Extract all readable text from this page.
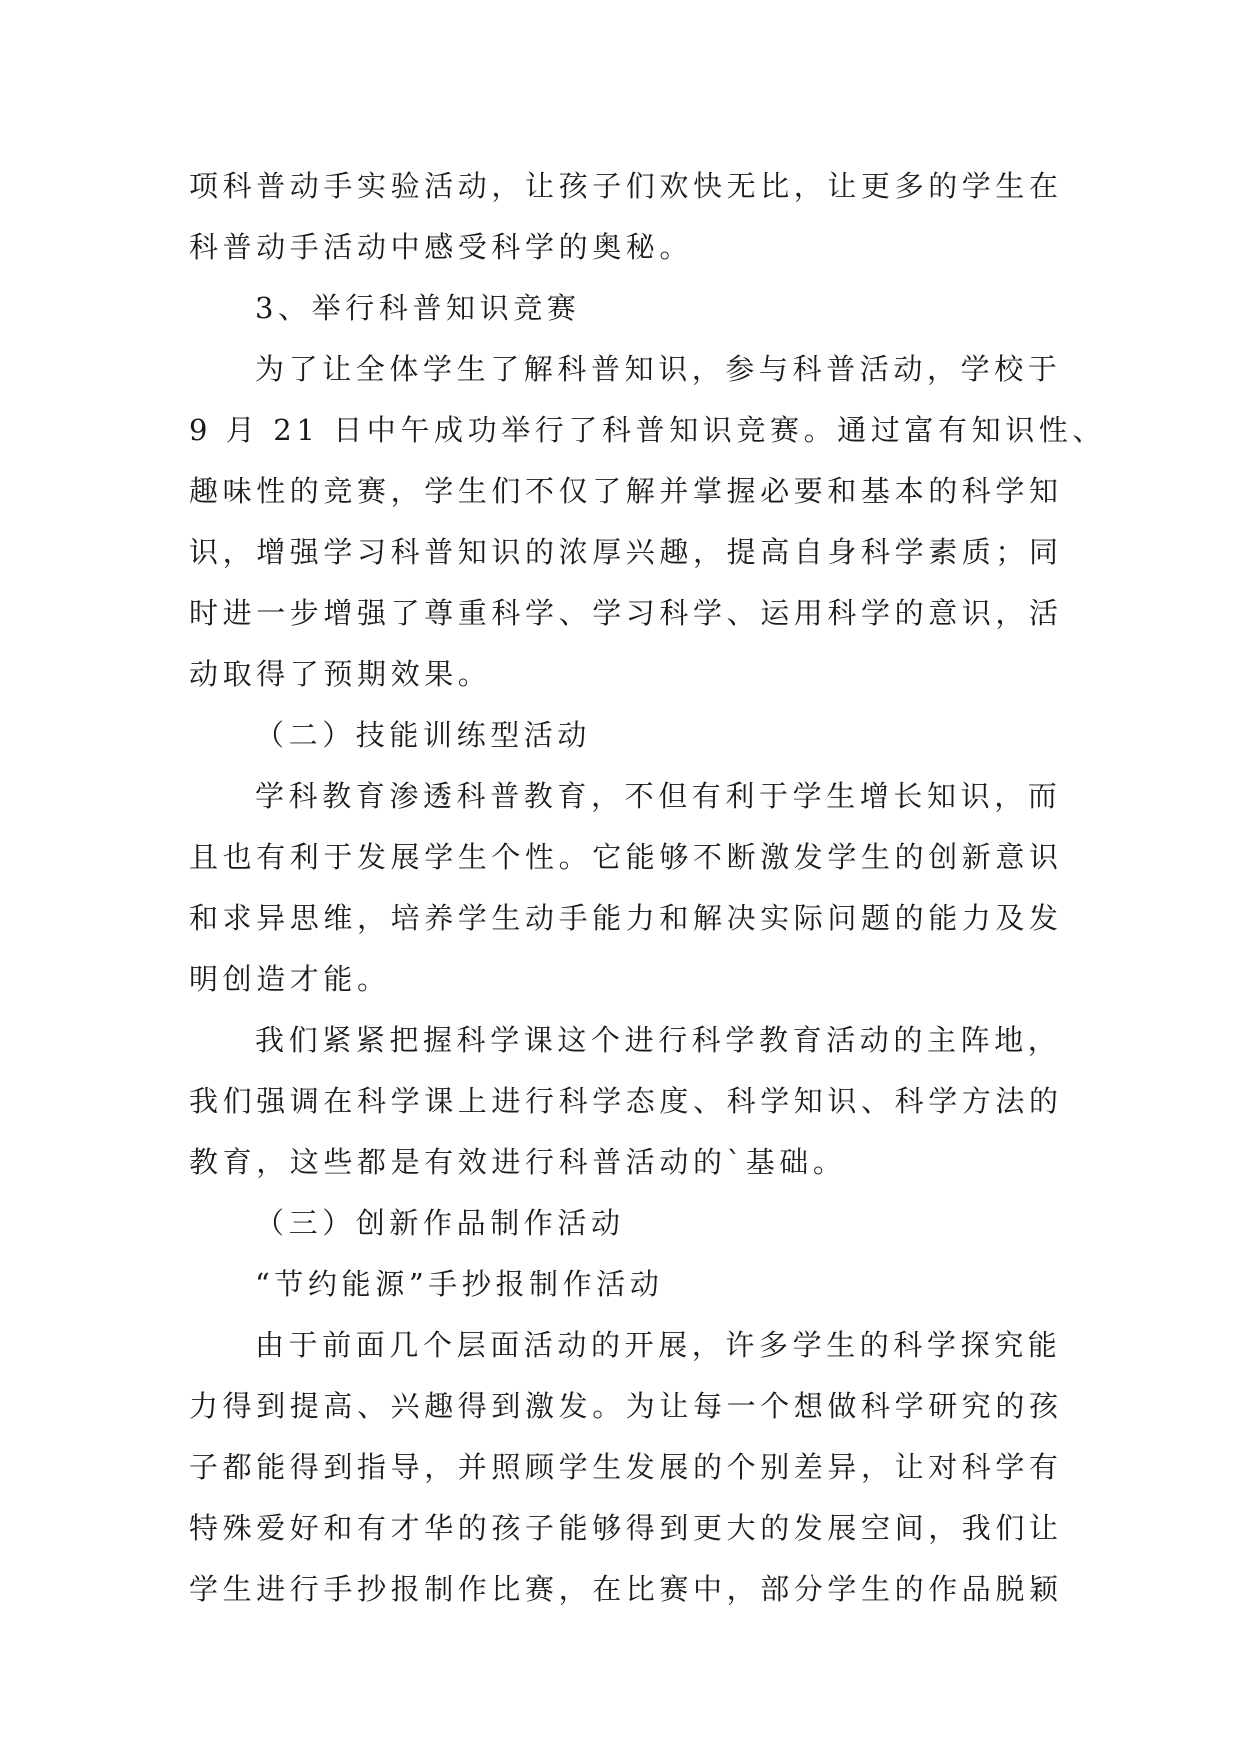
项科普动手实验活动，让孩子们欢快无比，让更多的学生在
科普动手活动中感受科学的奥秘。
3、举行科普知识竞赛
为了让全体学生了解科普知识，参与科普活动，学校于
9 月 21 日中午成功举行了科普知识竞赛。通过富有知识性、
趣味性的竞赛，学生们不仅了解并掌握必要和基本的科学知
识，增强学习科普知识的浓厚兴趣，提高自身科学素质；同
时进一步增强了尊重科学、学习科学、运用科学的意识，活
动取得了预期效果。
（二）技能训练型活动
学科教育渗透科普教育，不但有利于学生增长知识，而
且也有利于发展学生个性。它能够不断激发学生的创新意识
和求异思维，培养学生动手能力和解决实际问题的能力及发
明创造才能。
我们紧紧把握科学课这个进行科学教育活动的主阵地，
我们强调在科学课上进行科学态度、科学知识、科学方法的
教育，这些都是有效进行科普活动的`基础。
（三）创新作品制作活动
“节约能源”手抄报制作活动
由于前面几个层面活动的开展，许多学生的科学探究能
力得到提高、兴趣得到激发。为让每一个想做科学研究的孩
子都能得到指导，并照顾学生发展的个别差异，让对科学有
特殊爱好和有才华的孩子能够得到更大的发展空间，我们让
学生进行手抄报制作比赛，在比赛中，部分学生的作品脱颖
